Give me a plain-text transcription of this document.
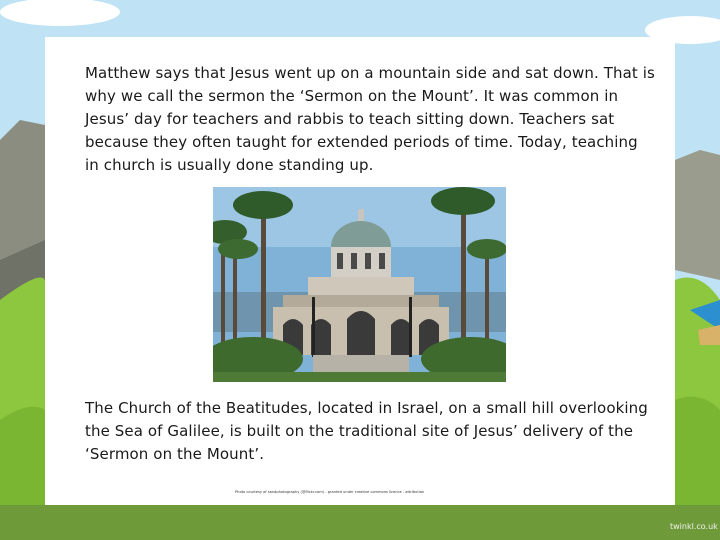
Matthew says that Jesus went up on a mountain side and sat down. That is why we call the sermon the ‘Sermon on the Mount’. It was common in Jesus’ day for teachers and rabbis to teach sitting down. Teachers sat because they often taught for extended periods of time. Today, teaching in church is usually done standing up.

The Church of the Beatitudes, located in Israel, on a small hill overlooking the Sea of Galilee, is built on the traditional site of Jesus’ delivery of the ‘Sermon on the Mount’.

Photo courtesy of sandphotography (@flickr.com) - granted under creative commons licence - attribution
twinkl.co.uk
